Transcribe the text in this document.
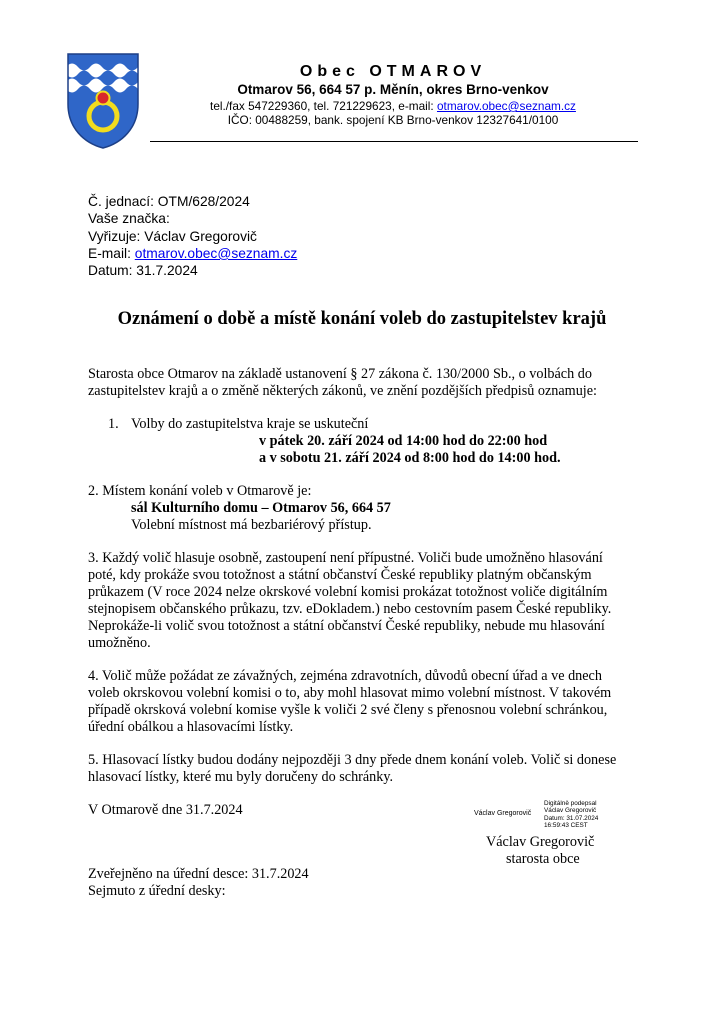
Obec OTMAROV
Otmarov 56, 664 57 p. Měnín, okres Brno-venkov
tel./fax 547229360, tel. 721229623, e-mail: otmarov.obec@seznam.cz
IČO: 00488259, bank. spojení KB Brno-venkov 12327641/0100
Č. jednací: OTM/628/2024
Vaše značka:
Vyřizuje: Václav Gregorovič
E-mail: otmarov.obec@seznam.cz
Datum: 31.7.2024
Oznámení o době a místě konání voleb do zastupitelstev krajů
Starosta obce Otmarov na základě ustanovení § 27 zákona č. 130/2000 Sb., o volbách do
zastupitelstev krajů a o změně některých zákonů, ve znění pozdějších předpisů oznamuje:
1. Volby do zastupitelstva kraje se uskuteční
v pátek 20. září 2024 od 14:00 hod do 22:00 hod
a v sobotu 21. září 2024 od 8:00 hod do 14:00 hod.
2. Místem konání voleb v Otmarově je:
sál Kulturního domu – Otmarov 56, 664 57
Volební místnost má bezbariérový přístup.
3. Každý volič hlasuje osobně, zastoupení není přípustné. Voliči bude umožněno hlasování
poté, kdy prokáže svou totožnost a státní občanství České republiky platným občanským
průkazem (V roce 2024 nelze okrskové volební komisi prokázat totožnost voliče digitálním
stejnopisem občanského průkazu, tzv. eDokladem.) nebo cestovním pasem České republiky.
Neprokáže-li volič svou totožnost a státní občanství České republiky, nebude mu hlasování
umožněno.
4. Volič může požádat ze závažných, zejména zdravotních, důvodů obecní úřad a ve dnech
voleb okrskovou volební komisi o to, aby mohl hlasovat mimo volební místnost. V takovém
případě okrsková volební komise vyšle k voliči 2 své členy s přenosnou volební schránkou,
úřední obálkou a hlasovacími lístky.
5. Hlasovací lístky budou dodány nejpozději 3 dny přede dnem konání voleb. Volič si donese
hlasovací lístky, které mu byly doručeny do schránky.
V Otmarově dne 31.7.2024	Václav Gregorovič
Digitálně podepsal
Václav Gregorovič
Datum: 31.07.2024
16:59:43 CEST
Václav Gregorovič
starosta obce
Zveřejněno na úřední desce: 31.7.2024
Sejmuto z úřední desky:
